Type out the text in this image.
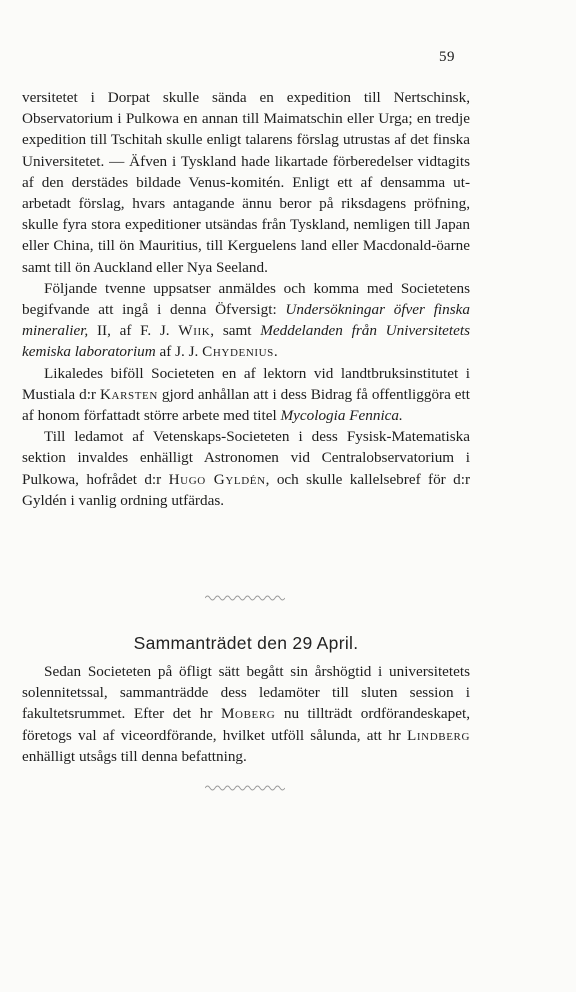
59

versitetet i Dorpat skulle sända en expedition till Nertschinsk, Observatorium i Pulkowa en annan till Maimatschin eller Urga; en tredje expedition till Tschitah skulle enligt talarens förslag utrustas af det finska Universitetet. — Äfven i Tyskland hade likartade förberedelser vidtagits af den derstädes bildade Venus-komitén. Enligt ett af densamma utarbetadt förslag, hvars antagande ännu beror på riksdagens pröfning, skulle fyra stora expeditioner utsändas från Tyskland, nemligen till Japan eller China, till ön Mauritius, till Kerguelens land eller Macdonald-öarne samt till ön Auckland eller Nya Seeland.

Följande tvenne uppsatser anmäldes och komma med Societetens begifvande att ingå i denna Öfversigt: Undersökningar öfver finska mineralier, II, af F. J. Wiik, samt Meddelanden från Universitetets kemiska laboratorium af J. J. Chydenius.

Likaledes biföll Societeten en af lektorn vid landtbruksinstitutet i Mustiala d:r Karsten gjord anhållan att i dess Bidrag få offentliggöra ett af honom författadt större arbete med titel Mycologia Fennica.

Till ledamot af Vetenskaps-Societeten i dess Fysisk-Matematiska sektion invaldes enhälligt Astronomen vid Centralobservatorium i Pulkowa, hofrådet d:r Hugo Gyldén, och skulle kallelsebref för d:r Gyldén i vanlig ordning utfärdas.

Sammanträdet den 29 April.

Sedan Societeten på öfligt sätt begått sin årshögtid i universitetets solennitetssal, sammanträdde dess ledamöter till sluten session i fakultetsrummet. Efter det hr Moberg nu tillträdt ordförandeskapet, företogs val af viceordförande, hvilket utföll sålunda, att hr Lindberg enhälligt utsågs till denna befattning.
